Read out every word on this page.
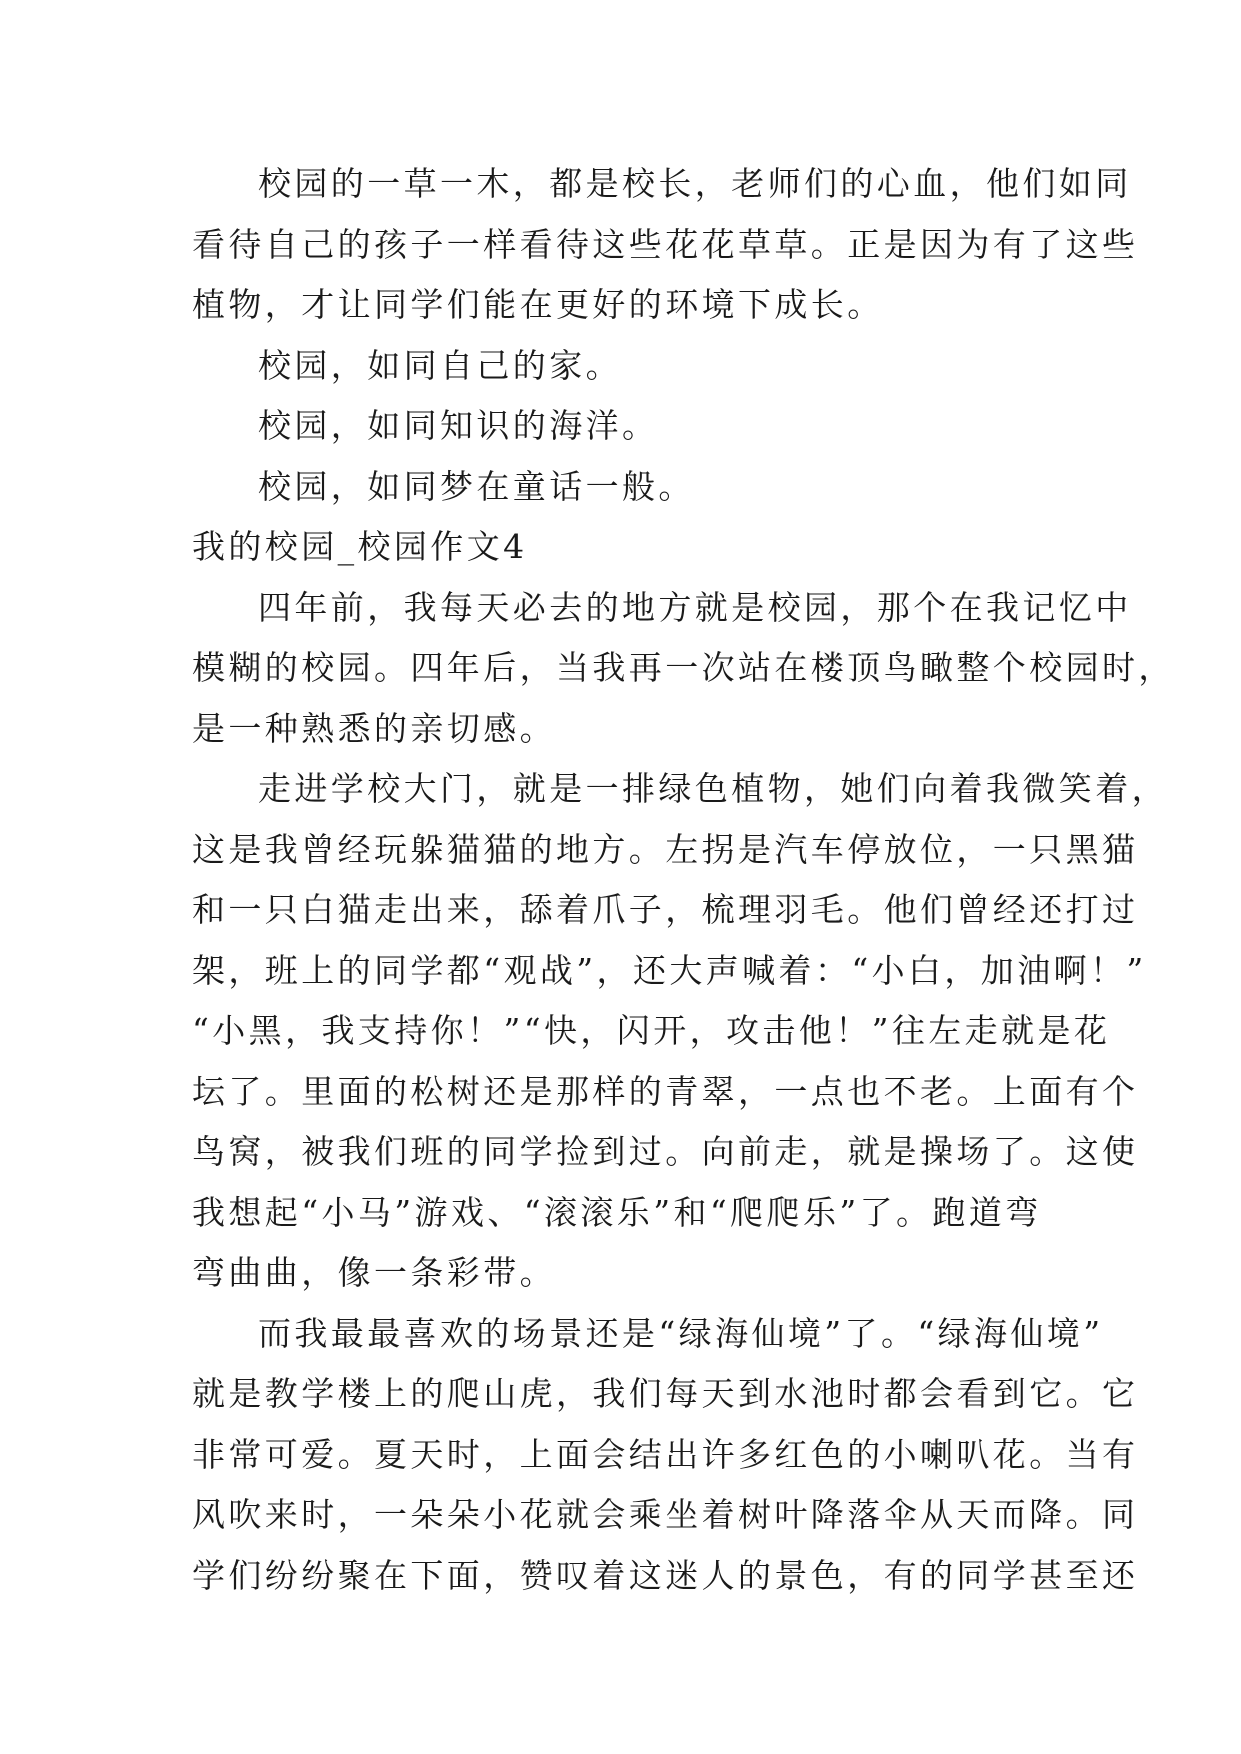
校园的一草一木，都是校长，老师们的心血，他们如同
看待自己的孩子一样看待这些花花草草。正是因为有了这些
植物，才让同学们能在更好的环境下成长。
校园，如同自己的家。
校园，如同知识的海洋。
校园，如同梦在童话一般。
我的校园_校园作文4
四年前，我每天必去的地方就是校园，那个在我记忆中
模糊的校园。四年后，当我再一次站在楼顶鸟瞰整个校园时，
是一种熟悉的亲切感。
走进学校大门，就是一排绿色植物，她们向着我微笑着，
这是我曾经玩躲猫猫的地方。左拐是汽车停放位，一只黑猫
和一只白猫走出来，舔着爪子，梳理羽毛。他们曾经还打过
架，班上的同学都“观战”，还大声喊着：“小白，加油啊！”
“小黑，我支持你！”“快，闪开，攻击他！”往左走就是花
坛了。里面的松树还是那样的青翠，一点也不老。上面有个
鸟窝，被我们班的同学捡到过。向前走，就是操场了。这使
我想起“小马”游戏、“滚滚乐”和“爬爬乐”了。跑道弯
弯曲曲，像一条彩带。
而我最最喜欢的场景还是“绿海仙境”了。“绿海仙境”
就是教学楼上的爬山虎，我们每天到水池时都会看到它。它
非常可爱。夏天时，上面会结出许多红色的小喇叭花。当有
风吹来时，一朵朵小花就会乘坐着树叶降落伞从天而降。同
学们纷纷聚在下面，赞叹着这迷人的景色，有的同学甚至还
